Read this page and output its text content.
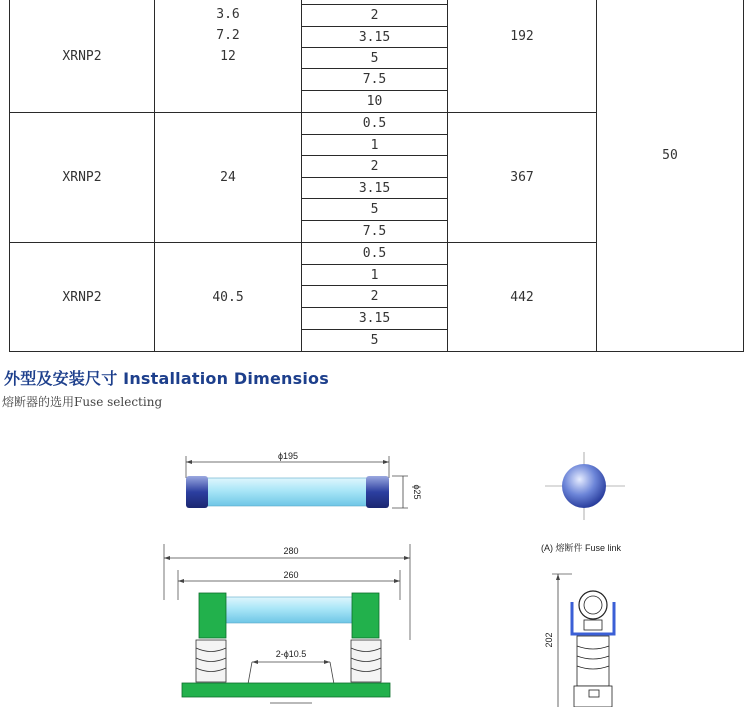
XRNP2
3.6
7.2
12
2
3.15
5
7.5
10
192
XRNP2	24
0.5
1
2
3.15
5
7.5
367
XRNP2	40.5
0.5
1
2
3.15
5
442
50
外型及安装尺寸 Installation Dimensios
熔断器的选用Fuse selecting
ϕ195
ϕ25
280
260
2-ϕ10.5
202
(A) 熔断件 Fuse link
